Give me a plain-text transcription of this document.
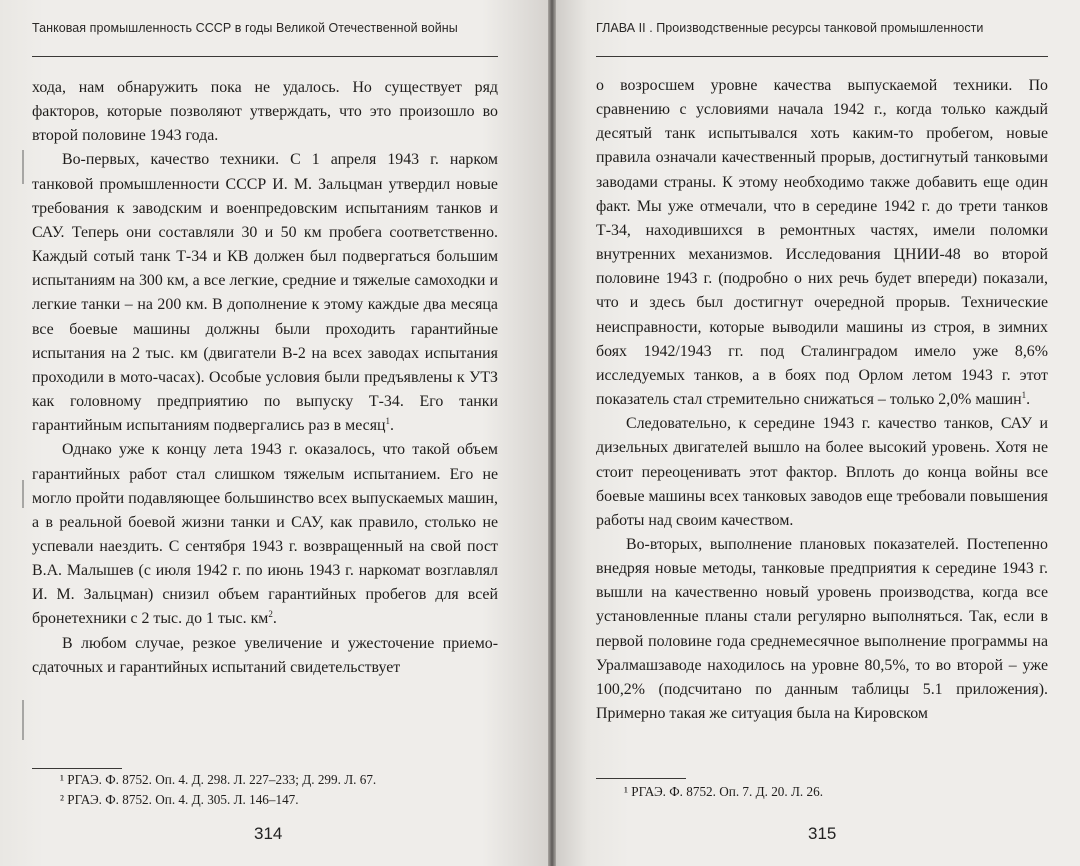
Танковая промышленность СССР в годы Великой Отечественной войны

хода, нам обнаружить пока не удалось. Но существует ряд факторов, которые позволяют утверждать, что это произошло во второй половине 1943 года.

Во-первых, качество техники. С 1 апреля 1943 г. нарком танковой промышленности СССР И. М. Зальцман утвердил новые требования к заводским и военпредовским испытаниям танков и САУ. Теперь они составляли 30 и 50 км пробега соответственно. Каждый сотый танк Т-34 и КВ должен был подвергаться большим испытаниям на 300 км, а все легкие, средние и тяжелые самоходки и легкие танки – на 200 км. В дополнение к этому каждые два месяца все боевые машины должны были проходить гарантийные испытания на 2 тыс. км (двигатели В-2 на всех заводах испытания проходили в мото-часах). Особые условия были предъявлены к УТЗ как головному предприятию по выпуску Т-34. Его танки гарантийным испытаниям подвергались раз в месяц$^1$.

Однако уже к концу лета 1943 г. оказалось, что такой объем гарантийных работ стал слишком тяжелым испытанием. Его не могло пройти подавляющее большинство всех выпускаемых машин, а в реальной боевой жизни танки и САУ, как правило, столько не успевали наездить. С сентября 1943 г. возвращенный на свой пост В.А. Малышев (с июля 1942 г. по июнь 1943 г. наркомат возглавлял И. М. Зальцман) снизил объем гарантийных пробегов для всей бронетехники с 2 тыс. до 1 тыс. $км^2$.

В любом случае, резкое увеличение и ужесточение приемо-сдаточных и гарантийных испытаний свидетельствует

¹ РГАЭ. Ф. 8752. Оп. 4. Д. 298. Л. 227–233; Д. 299. Л. 67.

² РГАЭ. Ф. 8752. Оп. 4. Д. 305. Л. 146–147.

314
ГЛАВА II . Производственные ресурсы танковой промышленности

о возросшем уровне качества выпускаемой техники. По сравнению с условиями начала 1942 г., когда только каждый десятый танк испытывался хоть каким-то пробегом, новые правила означали качественный прорыв, достигнутый танковыми заводами страны. К этому необходимо также добавить еще один факт. Мы уже отмечали, что в середине 1942 г. до трети танков Т-34, находившихся в ремонтных частях, имели поломки внутренних механизмов. Исследования ЦНИИ-48 во второй половине 1943 г. (подробно о них речь будет впереди) показали, что и здесь был достигнут очередной прорыв. Технические неисправности, которые выводили машины из строя, в зимних боях 1942/1943 гг. под Сталинградом имело уже 8,6% исследуемых танков, а в боях под Орлом летом 1943 г. этот показатель стал стремительно снижаться – только 2,0% машин$^1$.

Следовательно, к середине 1943 г. качество танков, САУ и дизельных двигателей вышло на более высокий уровень. Хотя не стоит переоценивать этот фактор. Вплоть до конца войны все боевые машины всех танковых заводов еще требовали повышения работы над своим качеством.

Во-вторых, выполнение плановых показателей. Постепенно внедряя новые методы, танковые предприятия к середине 1943 г. вышли на качественно новый уровень производства, когда все установленные планы стали регулярно выполняться. Так, если в первой половине года среднемесячное выполнение программы на Уралмашзаводе находилось на уровне 80,5%, то во второй – уже 100,2% (подсчитано по данным таблицы 5.1 приложения). Примерно такая же ситуация была на Кировском

¹ РГАЭ. Ф. 8752. Оп. 7. Д. 20. Л. 26.

315
